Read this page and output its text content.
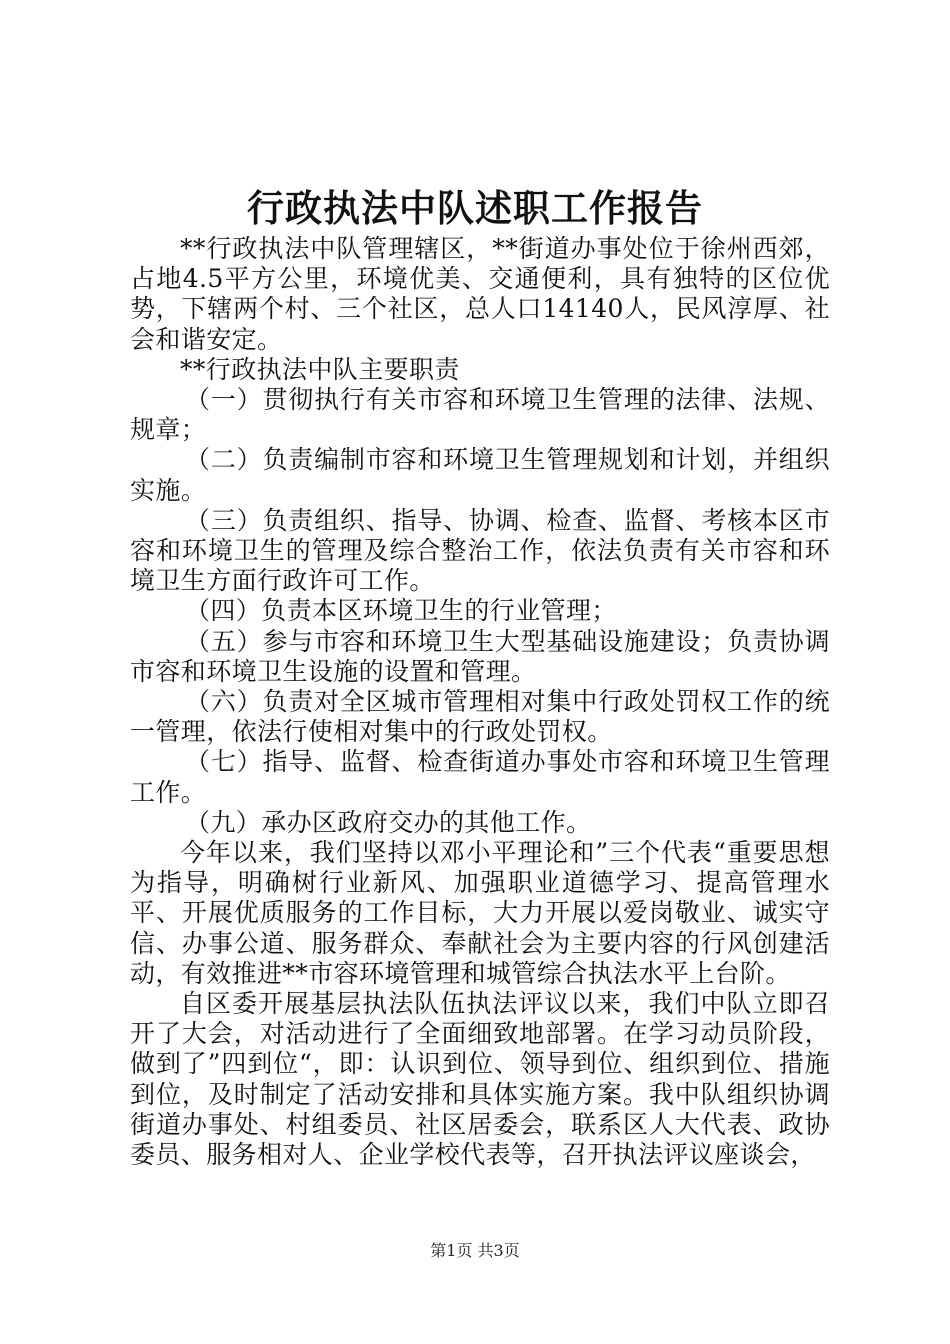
行政执法中队述职工作报告

**行政执法中队管理辖区，**街道办事处位于徐州西郊，占地4.5平方公里，环境优美、交通便利，具有独特的区位优势，下辖两个村、三个社区，总人口14140人，民风淳厚、社会和谐安定。

**行政执法中队主要职责

（一）贯彻执行有关市容和环境卫生管理的法律、法规、规章；

（二）负责编制市容和环境卫生管理规划和计划，并组织实施。

（三）负责组织、指导、协调、检查、监督、考核本区市容和环境卫生的管理及综合整治工作，依法负责有关市容和环境卫生方面行政许可工作。

（四）负责本区环境卫生的行业管理；

（五）参与市容和环境卫生大型基础设施建设；负责协调市容和环境卫生设施的设置和管理。

（六）负责对全区城市管理相对集中行政处罚权工作的统一管理，依法行使相对集中的行政处罚权。

（七）指导、监督、检查街道办事处市容和环境卫生管理工作。

（九）承办区政府交办的其他工作。

今年以来，我们坚持以邓小平理论和”三个代表“重要思想为指导，明确树行业新风、加强职业道德学习、提高管理水平、开展优质服务的工作目标，大力开展以爱岗敬业、诚实守信、办事公道、服务群众、奉献社会为主要内容的行风创建活动，有效推进**市容环境管理和城管综合执法水平上台阶。

自区委开展基层执法队伍执法评议以来，我们中队立即召开了大会，对活动进行了全面细致地部署。在学习动员阶段，做到了”四到位“，即：认识到位、领导到位、组织到位、措施到位，及时制定了活动安排和具体实施方案。我中队组织协调街道办事处、村组委员、社区居委会，联系区人大代表、政协委员、服务相对人、企业学校代表等，召开执法评议座谈会，

第1页 共3页
